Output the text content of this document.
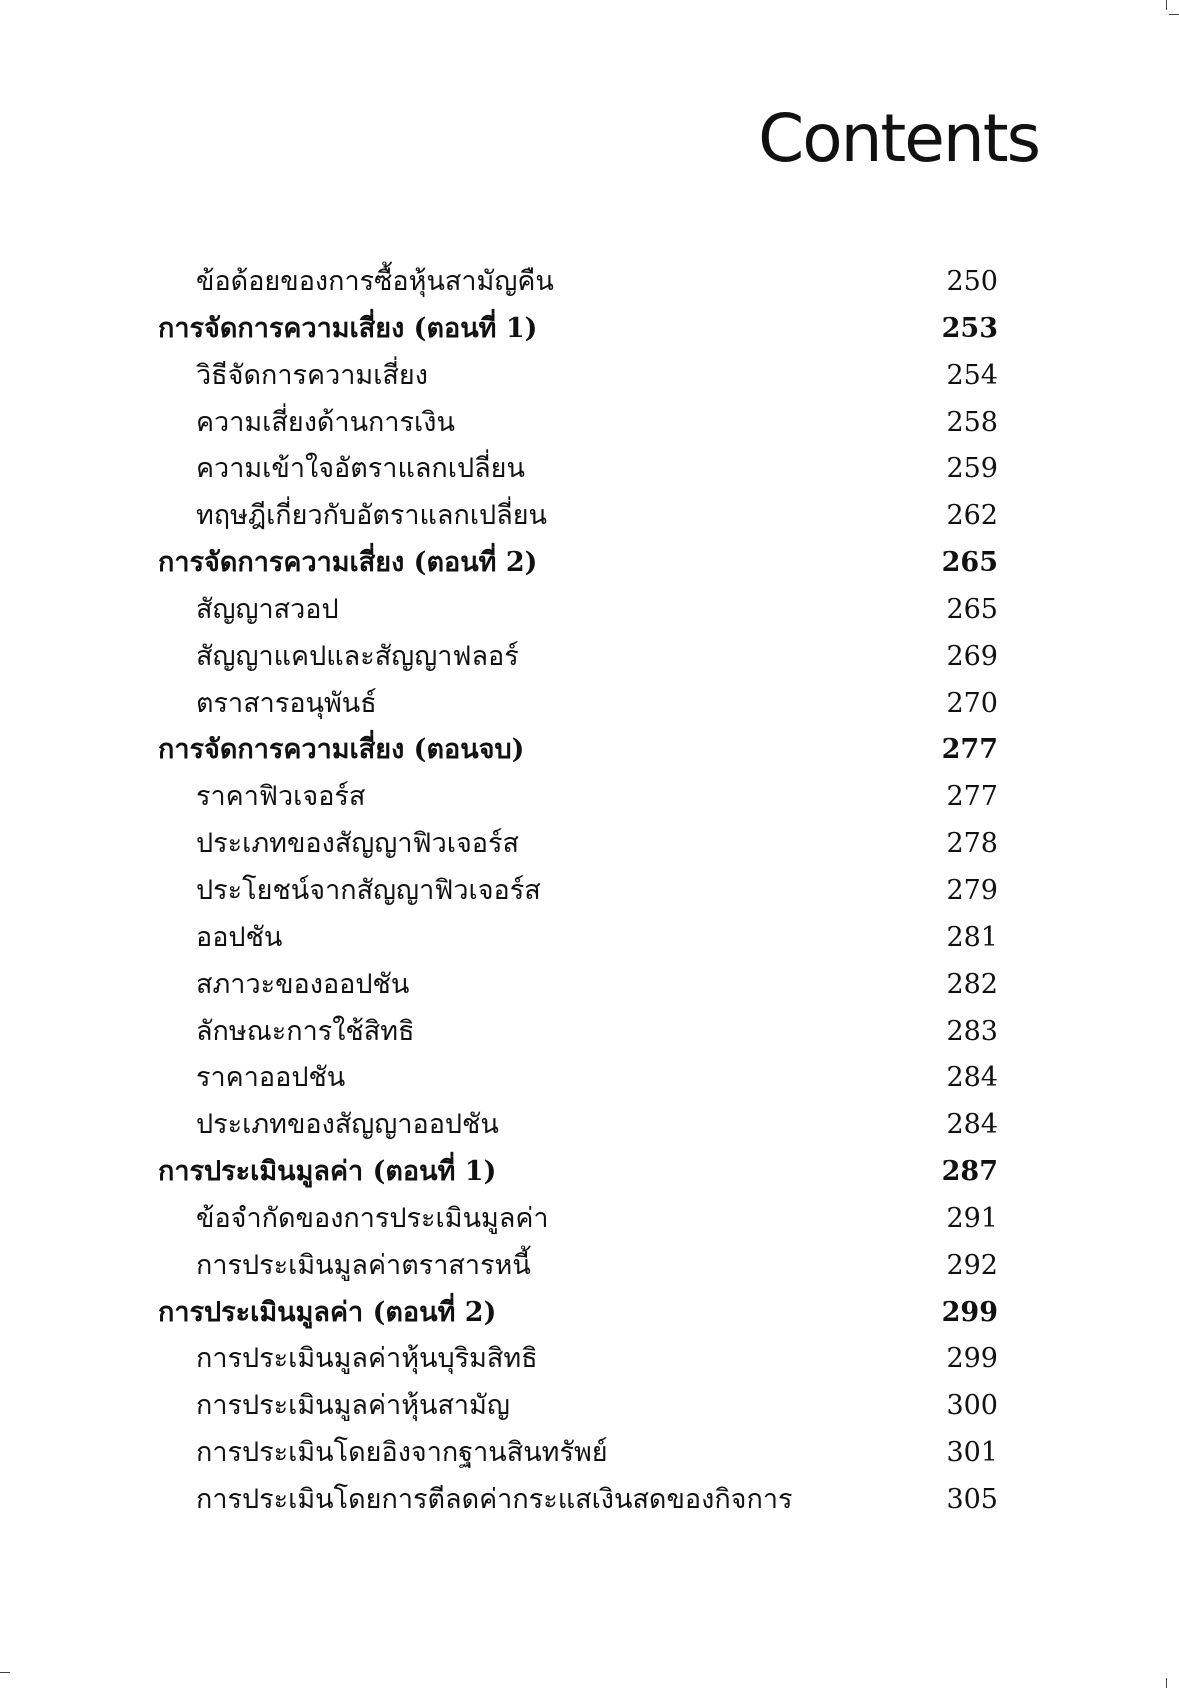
Contents
ข้อด้อยของการซื้อหุ้นสามัญคืน	250
การจัดการความเสี่ยง (ตอนที่ 1)	253
วิธีจัดการความเสี่ยง	254
ความเสี่ยงด้านการเงิน	258
ความเข้าใจอัตราแลกเปลี่ยน	259
ทฤษฎีเกี่ยวกับอัตราแลกเปลี่ยน	262
การจัดการความเสี่ยง (ตอนที่ 2)	265
สัญญาสวอป	265
สัญญาแคปและสัญญาฟลอร์	269
ตราสารอนุพันธ์	270
การจัดการความเสี่ยง (ตอนจบ)	277
ราคาฟิวเจอร์ส	277
ประเภทของสัญญาฟิวเจอร์ส	278
ประโยชน์จากสัญญาฟิวเจอร์ส	279
ออปชัน	281
สภาวะของออปชัน	282
ลักษณะการใช้สิทธิ	283
ราคาออปชัน	284
ประเภทของสัญญาออปชัน	284
การประเมินมูลค่า (ตอนที่ 1)	287
ข้อจำกัดของการประเมินมูลค่า	291
การประเมินมูลค่าตราสารหนี้	292
การประเมินมูลค่า (ตอนที่ 2)	299
การประเมินมูลค่าหุ้นบุริมสิทธิ	299
การประเมินมูลค่าหุ้นสามัญ	300
การประเมินโดยอิงจากฐานสินทรัพย์	301
การประเมินโดยการตีลดค่ากระแสเงินสดของกิจการ	305
